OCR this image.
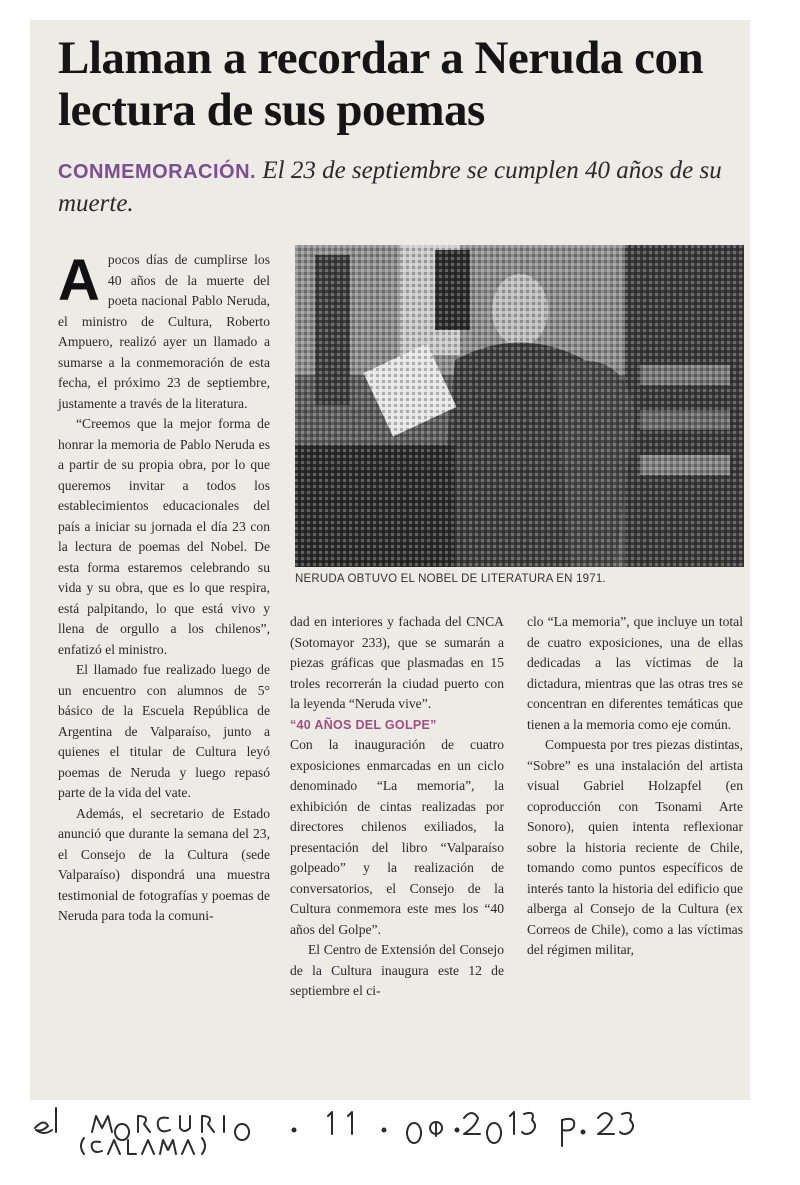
Llaman a recordar a Neruda con lectura de sus poemas
CONMEMORACIÓN. El 23 de septiembre se cumplen 40 años de su muerte.

Apocos días de cumplirse los 40 años de la muerte del poeta nacional Pablo Neruda, el ministro de Cultura, Roberto Ampuero, realizó ayer un llamado a sumarse a la conmemoración de esta fecha, el próximo 23 de septiembre, justamente a través de la literatura.

“Creemos que la mejor forma de honrar la memoria de Pablo Neruda es a partir de su propia obra, por lo que queremos invitar a todos los establecimientos educacionales del país a iniciar su jornada el día 23 con la lectura de poemas del Nobel. De esta forma estaremos celebrando su vida y su obra, que es lo que respira, está palpitando, lo que está vivo y llena de orgullo a los chilenos”, enfatizó el ministro.

El llamado fue realizado luego de un encuentro con alumnos de 5° básico de la Escuela República de Argentina de Valparaíso, junto a quienes el titular de Cultura leyó poemas de Neruda y luego repasó parte de la vida del vate.

Además, el secretario de Estado anunció que durante la semana del 23, el Consejo de la Cultura (sede Valparaíso) dispondrá una muestra testimonial de fotografías y poemas de Neruda para toda la comuni-

NERUDA OBTUVO EL NOBEL DE LITERATURA EN 1971.

dad en interiores y fachada del CNCA (Sotomayor 233), que se sumarán a piezas gráficas que plasmadas en 15 troles recorrerán la ciudad puerto con la leyenda “Neruda vive”.

“40 AÑOS DEL GOLPE”

Con la inauguración de cuatro exposiciones enmarcadas en un ciclo denominado “La memoria”, la exhibición de cintas realizadas por directores chilenos exiliados, la presentación del libro “Valparaíso golpeado” y la realización de conversatorios, el Consejo de la Cultura conmemora este mes los “40 años del Golpe”.

El Centro de Extensión del Consejo de la Cultura inaugura este 12 de septiembre el ci-

clo “La memoria”, que incluye un total de cuatro exposiciones, una de ellas dedicadas a las víctimas de la dictadura, mientras que las otras tres se concentran en diferentes temáticas que tienen a la memoria como eje común.

Compuesta por tres piezas distintas, “Sobre” es una instalación del artista visual Gabriel Holzapfel (en coproducción con Tsonami Arte Sonoro), quien intenta reflexionar sobre la historia reciente de Chile, tomando como puntos específicos de interés tanto la historia del edificio que alberga al Consejo de la Cultura (ex Correos de Chile), como a las víctimas del régimen militar,
